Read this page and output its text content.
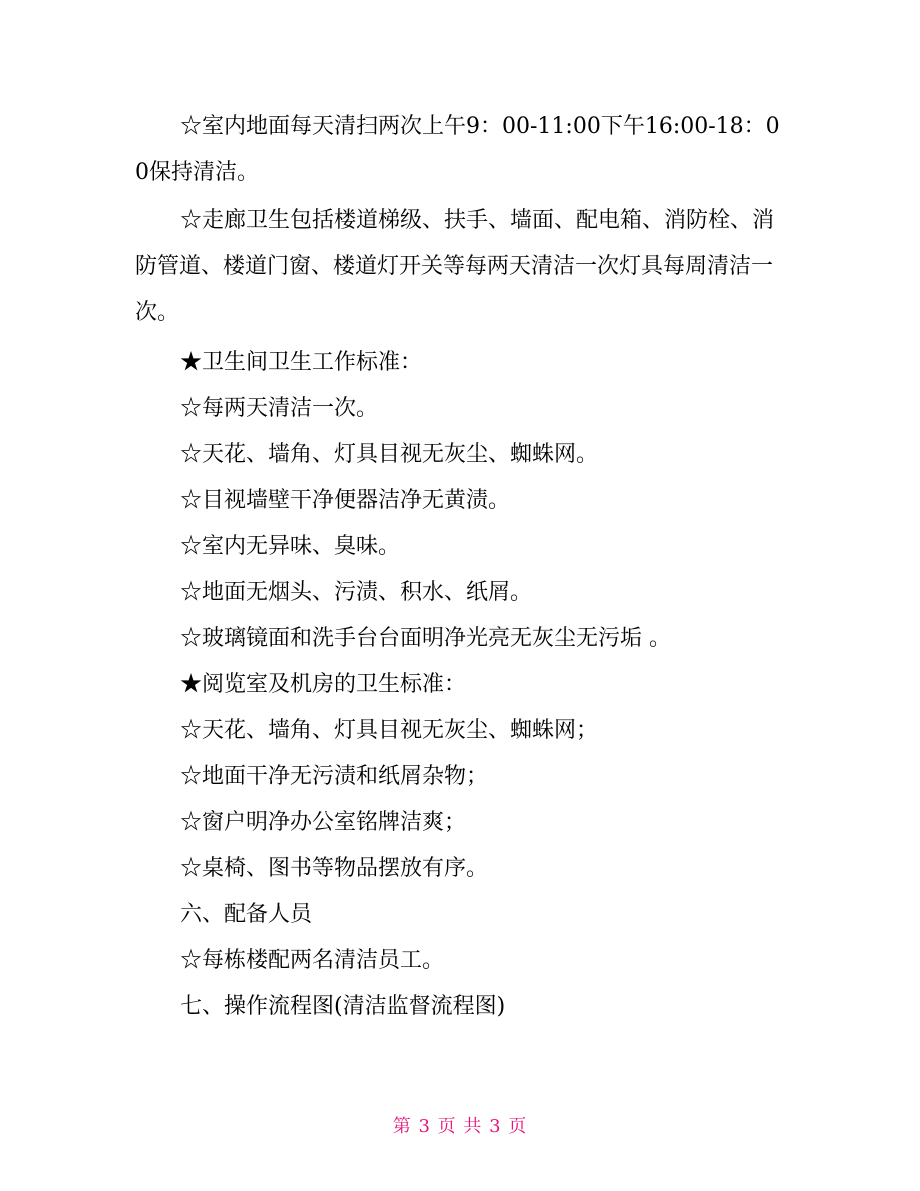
☆室内地面每天清扫两次上午9：00-11:00下午16:00-18：00保持清洁。

☆走廊卫生包括楼道梯级、扶手、墙面、配电箱、消防栓、消防管道、楼道门窗、楼道灯开关等每两天清洁一次灯具每周清洁一次。

★卫生间卫生工作标准：

☆每两天清洁一次。

☆天花、墙角、灯具目视无灰尘、蜘蛛网。

☆目视墙壁干净便器洁净无黄渍。

☆室内无异味、臭味。

☆地面无烟头、污渍、积水、纸屑。

☆玻璃镜面和洗手台台面明净光亮无灰尘无污垢 。

★阅览室及机房的卫生标准：

☆天花、墙角、灯具目视无灰尘、蜘蛛网；

☆地面干净无污渍和纸屑杂物；

☆窗户明净办公室铭牌洁爽；

☆桌椅、图书等物品摆放有序。

六、配备人员

☆每栋楼配两名清洁员工。

七、操作流程图(清洁监督流程图)

第 3 页 共 3 页
